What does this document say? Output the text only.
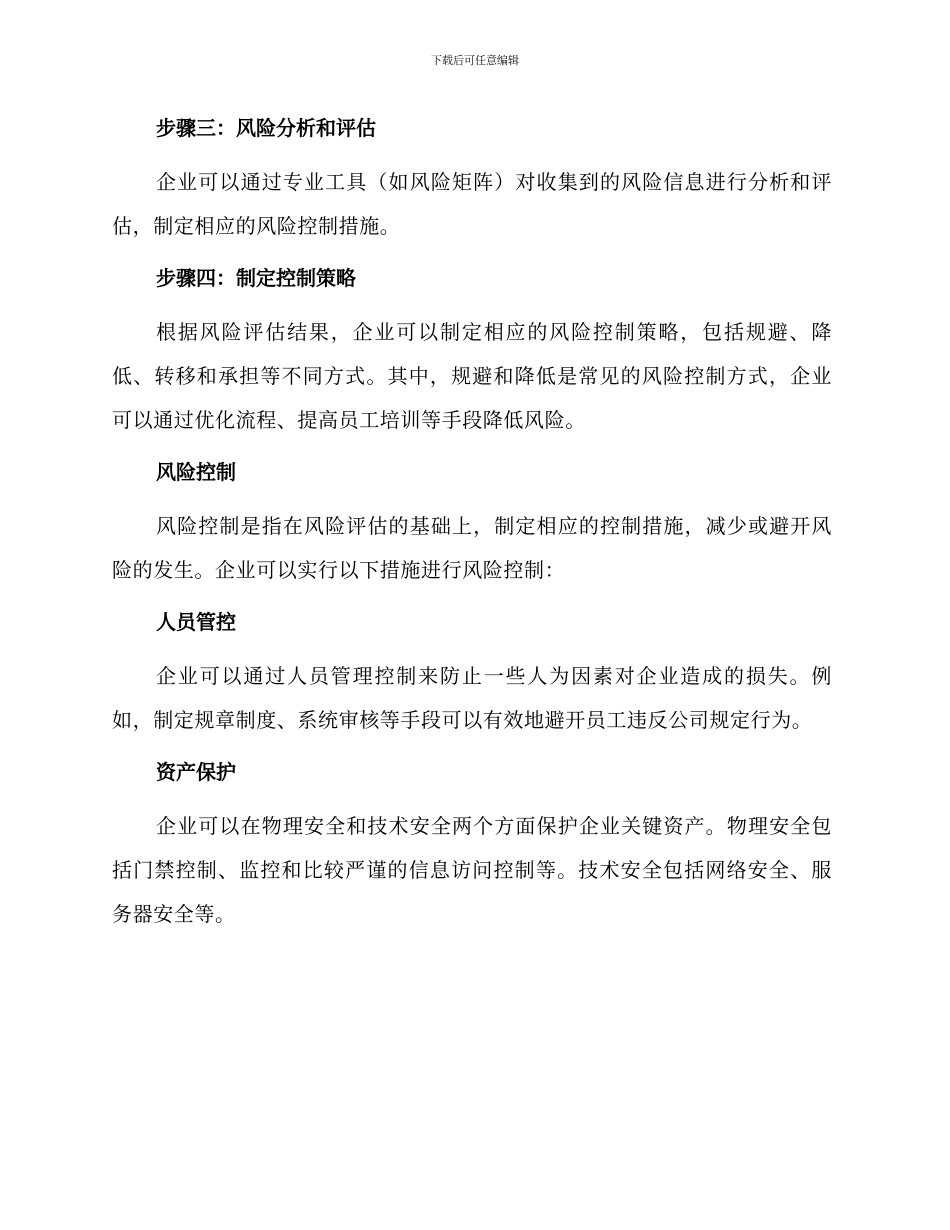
下载后可任意编辑
步骤三：风险分析和评估

企业可以通过专业工具（如风险矩阵）对收集到的风险信息进行分析和评估，制定相应的风险控制措施。

步骤四：制定控制策略

根据风险评估结果，企业可以制定相应的风险控制策略，包括规避、降低、转移和承担等不同方式。其中，规避和降低是常见的风险控制方式，企业可以通过优化流程、提高员工培训等手段降低风险。

风险控制

风险控制是指在风险评估的基础上，制定相应的控制措施，减少或避开风险的发生。企业可以实行以下措施进行风险控制：

人员管控

企业可以通过人员管理控制来防止一些人为因素对企业造成的损失。例如，制定规章制度、系统审核等手段可以有效地避开员工违反公司规定行为。

资产保护

企业可以在物理安全和技术安全两个方面保护企业关键资产。物理安全包括门禁控制、监控和比较严谨的信息访问控制等。技术安全包括网络安全、服务器安全等。
